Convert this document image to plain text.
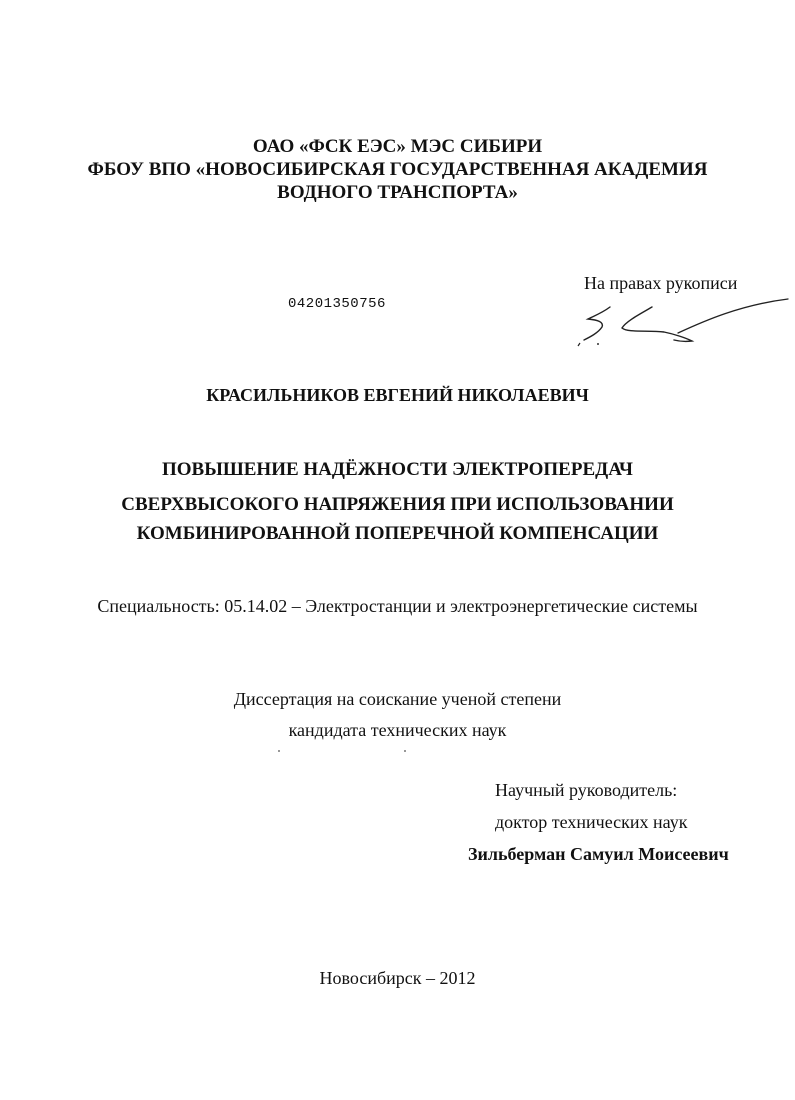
ОАО «ФСК ЕЭС» МЭС СИБИРИ
ФБОУ ВПО «НОВОСИБИРСКАЯ ГОСУДАРСТВЕННАЯ АКАДЕМИЯ
ВОДНОГО ТРАНСПОРТА»
На правах рукописи
04201350756
КРАСИЛЬНИКОВ ЕВГЕНИЙ НИКОЛАЕВИЧ
ПОВЫШЕНИЕ НАДЁЖНОСТИ ЭЛЕКТРОПЕРЕДАЧ
СВЕРХВЫСОКОГО НАПРЯЖЕНИЯ ПРИ ИСПОЛЬЗОВАНИИ
КОМБИНИРОВАННОЙ ПОПЕРЕЧНОЙ КОМПЕНСАЦИИ
Специальность: 05.14.02 – Электростанции и электроэнергетические системы
Диссертация на соискание ученой степени
кандидата технических наук
Научный руководитель:
доктор технических наук
Зильберман Самуил Моисеевич
Новосибирск – 2012
